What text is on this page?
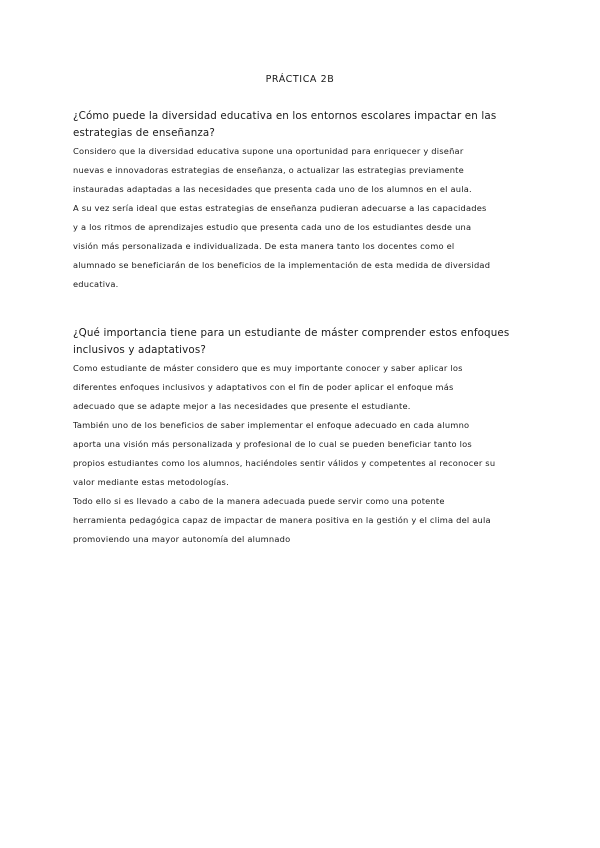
PRÁCTICA 2B

¿Cómo puede la diversidad educativa en los entornos escolares impactar en las

estrategias de enseñanza?

Considero que la diversidad educativa supone una oportunidad para enriquecer y diseñar

nuevas e innovadoras estrategias de enseñanza, o actualizar las estrategias previamente

instauradas adaptadas a las necesidades que presenta cada uno de los alumnos en el aula.

A su vez sería ideal que estas estrategias de enseñanza pudieran adecuarse a las capacidades

y a los ritmos de aprendizajes estudio que presenta cada uno de los estudiantes desde una

visión más personalizada e individualizada. De esta manera tanto los docentes como el

alumnado se beneficiarán de los beneficios de la implementación de esta medida de diversidad

educativa.

¿Qué importancia tiene para un estudiante de máster comprender estos enfoques

inclusivos y adaptativos?

Como estudiante de máster considero que es muy importante conocer y saber aplicar los

diferentes enfoques inclusivos y adaptativos con el fin de poder aplicar el enfoque más

adecuado que se adapte mejor a las necesidades que presente el estudiante.

También uno de los beneficios de saber implementar el enfoque adecuado en cada alumno

aporta una visión más personalizada y profesional de lo cual se pueden beneficiar tanto los

propios estudiantes como los alumnos, haciéndoles sentir válidos y competentes al reconocer su

valor mediante estas metodologías.

Todo ello si es llevado a cabo de la manera adecuada puede servir como una potente

herramienta pedagógica capaz de impactar de manera positiva en la gestión y el clima del aula

promoviendo una mayor autonomía del alumnado
